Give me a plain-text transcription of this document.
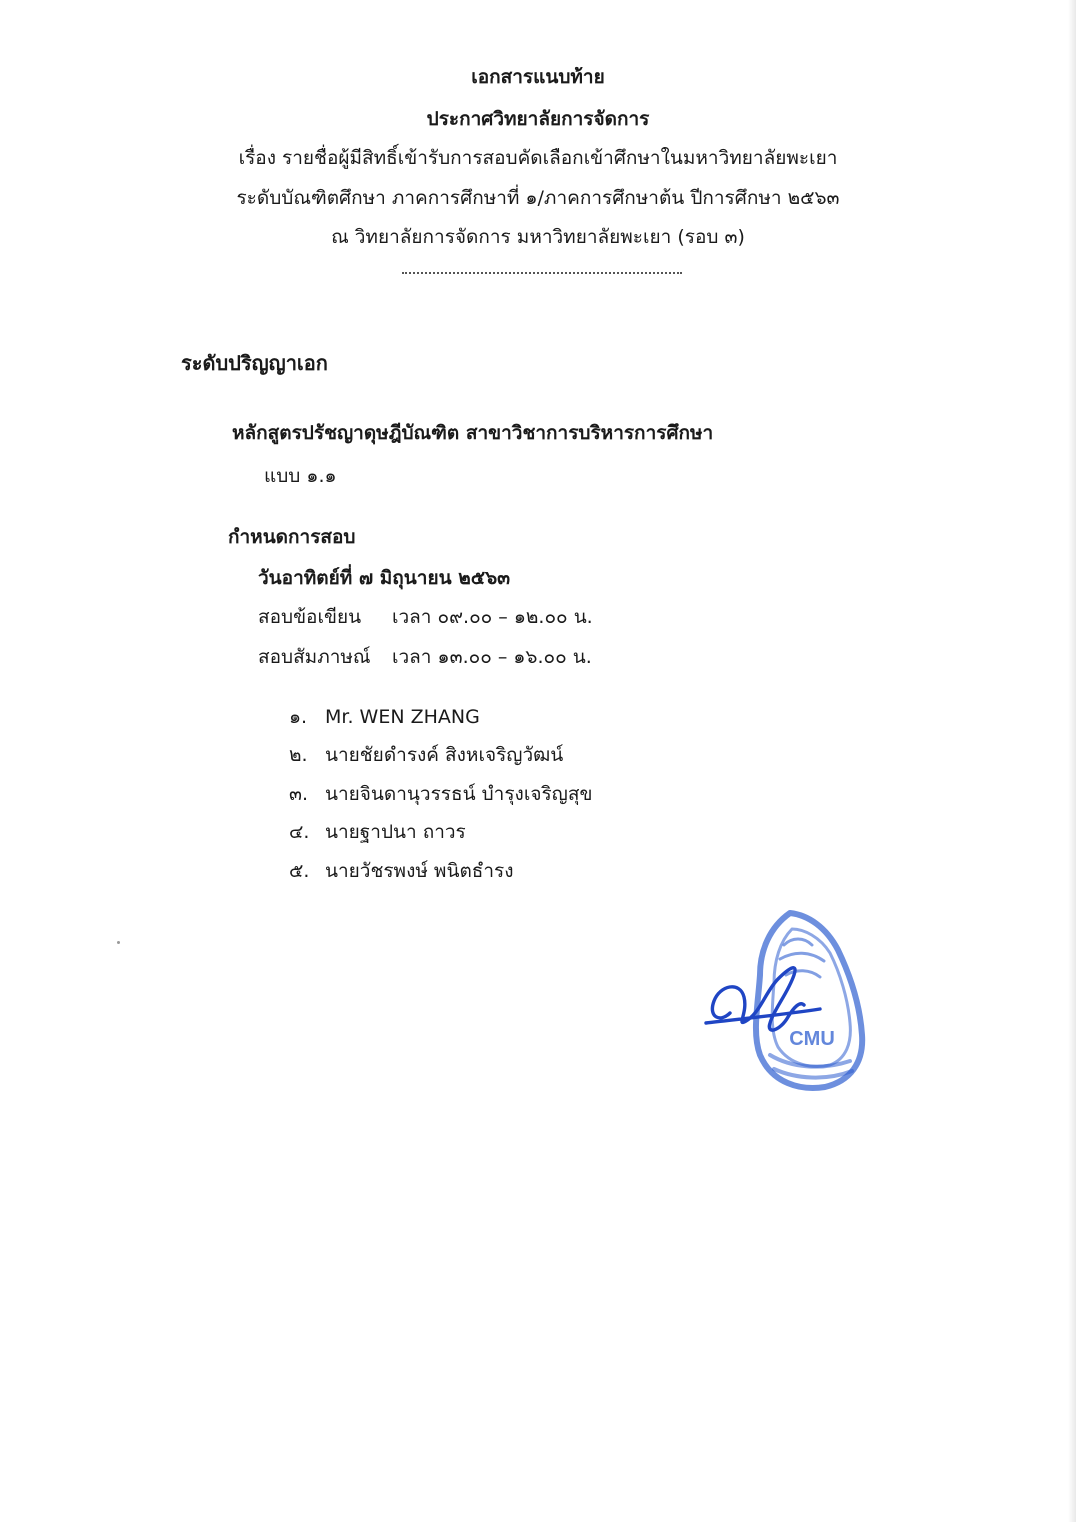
เอกสารแนบท้าย
ประกาศวิทยาลัยการจัดการ
เรื่อง รายชื่อผู้มีสิทธิ์เข้ารับการสอบคัดเลือกเข้าศึกษาในมหาวิทยาลัยพะเยา
ระดับบัณฑิตศึกษา ภาคการศึกษาที่ ๑/ภาคการศึกษาต้น ปีการศึกษา ๒๕๖๓
ณ วิทยาลัยการจัดการ มหาวิทยาลัยพะเยา (รอบ ๓)
ระดับปริญญาเอก
หลักสูตรปรัชญาดุษฎีบัณฑิต สาขาวิชาการบริหารการศึกษา
แบบ ๑.๑
กำหนดการสอบ
วันอาทิตย์ที่ ๗ มิถุนายน ๒๕๖๓
สอบข้อเขียน เวลา ๐๙.๐๐ – ๑๒.๐๐ น.
สอบสัมภาษณ์ เวลา ๑๓.๐๐ – ๑๖.๐๐ น.
๑. Mr. WEN ZHANG
๒. นายชัยดำรงค์ สิงหเจริญวัฒน์
๓. นายจินดานุวรรธน์ บำรุงเจริญสุข
๔. นายฐาปนา ถาวร
๕. นายวัชรพงษ์ พนิตธำรง
CMU
